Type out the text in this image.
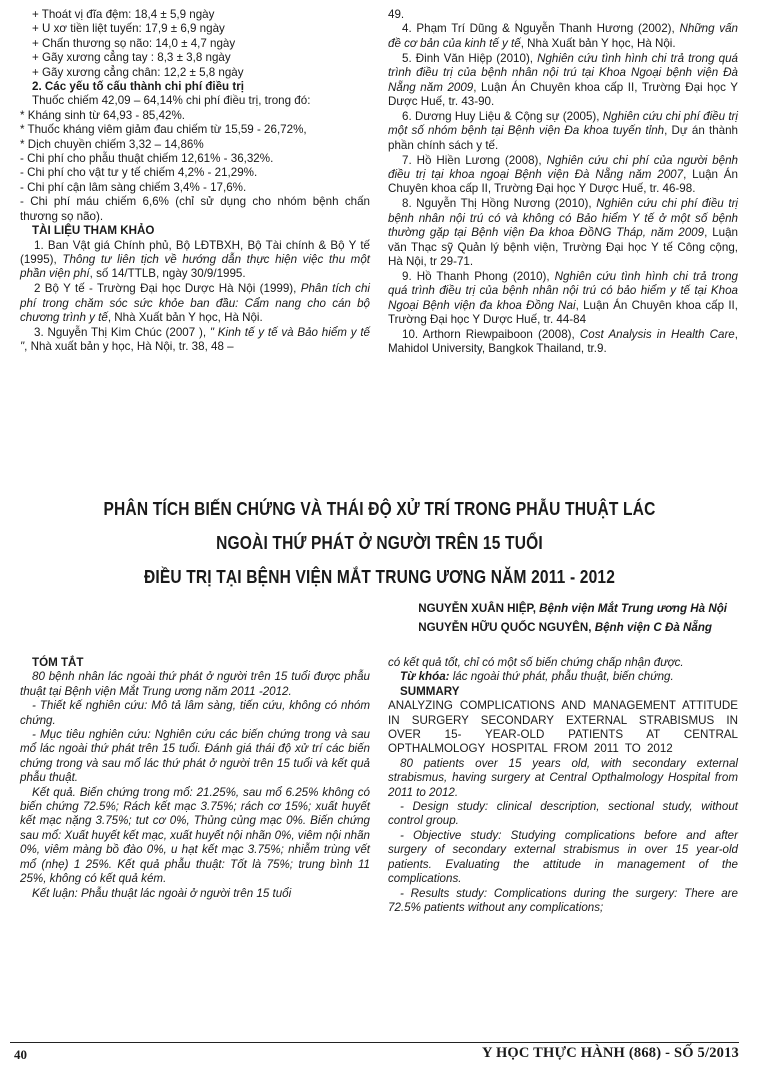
+ Thoát vị đĩa đệm: 18,4 ± 5,9 ngày

+ U xơ tiền liệt tuyến: 17,9 ± 6,9 ngày

+ Chấn thương sọ não: 14,0 ± 4,7 ngày

+ Gãy xương cẳng tay : 8,3 ± 3,8 ngày

+ Gãy xương cẳng chân: 12,2 ± 5,8 ngày

2. Các yếu tố cấu thành chi phí điều trị

Thuốc chiếm 42,09 – 64,14% chi phí điều trị, trong đó:

* Kháng sinh từ 64,93 - 85,42%.

* Thuốc kháng viêm giảm đau chiếm từ 15,59 - 26,72%,

* Dịch chuyền chiếm 3,32 – 14,86%

- Chi phí cho phẫu thuật chiếm 12,61% - 36,32%.

- Chi phí cho vật tư y tế chiếm 4,2% - 21,29%.

- Chi phí cận lâm sàng chiếm 3,4% - 17,6%.

- Chi phí máu chiếm 6,6% (chỉ sử dụng cho nhóm bệnh chấn thương sọ não).

TÀI LIỆU THAM KHẢO

1. Ban Vật giá Chính phủ, Bộ LĐTBXH, Bộ Tài chính & Bộ Y tế (1995), Thông tư liên tịch về hướng dẫn thực hiện việc thu một phần viện phí, số 14/TTLB, ngày 30/9/1995.

2 Bộ Y tế - Trường Đại học Dược Hà Nội (1999), Phân tích chi phí trong chăm sóc sức khỏe ban đầu: Cẩm nang cho cán bộ chương trình y tế, Nhà Xuất bản Y học, Hà Nội.

3. Nguyễn Thị Kim Chúc (2007 ), " Kinh tế y tế và Bảo hiểm y tế ", Nhà xuất bản y học, Hà Nội, tr. 38, 48 –

49.

4. Phạm Trí Dũng & Nguyễn Thanh Hương (2002), Những vấn đề cơ bản của kinh tế y tế, Nhà Xuất bản Y học, Hà Nội.

5. Đinh Văn Hiệp (2010), Nghiên cứu tình hình chi trả trong quá trình điều trị của bệnh nhân nội trú tại Khoa Ngoại bệnh viện Đà Nẵng năm 2009, Luận Án Chuyên khoa cấp II, Trường Đại học Y Dược Huế, tr. 43-90.

6. Dương Huy Liệu & Cộng sự (2005), Nghiên cứu chi phí điều trị một số nhóm bệnh tại Bệnh viện Đa khoa tuyến tỉnh, Dự án thành phần chính sách y tế.

7. Hồ Hiền Lương (2008), Nghiên cứu chi phí của người bệnh điều trị tại khoa ngoại Bệnh viện Đà Nẵng năm 2007, Luận Án Chuyên khoa cấp II, Trường Đại học Y Dược Huế, tr. 46-98.

8. Nguyễn Thị Hồng Nương (2010), Nghiên cứu chi phí điều trị bệnh nhân nội trú có và không có Bảo hiểm Y tế ở một số bệnh thường gặp tại Bệnh viện Đa khoa ĐồNG Tháp, năm 2009, Luận văn Thạc sỹ Quản lý bệnh viện, Trường Đại học Y tế Công cộng, Hà Nội, tr 29-71.

9. Hồ Thanh Phong (2010), Nghiên cứu tình hình chi trả trong quá trình điều trị của bệnh nhân nội trú có bảo hiểm y tế tại Khoa Ngoại Bệnh viện đa khoa Đồng Nai, Luận Án Chuyên khoa cấp II, Trường Đại học Y Dược Huế, tr. 44-84

10. Arthorn Riewpaiboon (2008), Cost Analysis in Health Care, Mahidol University, Bangkok Thailand, tr.9.

PHÂN TÍCH BIẾN CHỨNG VÀ THÁI ĐỘ XỬ TRÍ TRONG PHẪU THUẬT LÁC
NGOÀI THỨ PHÁT Ở NGƯỜI TRÊN 15 TUỔI
ĐIỀU TRỊ TẠI BỆNH VIỆN MẮT TRUNG ƯƠNG NĂM 2011 - 2012
NGUYỄN XUÂN HIỆP, Bệnh viện Mắt Trung ương Hà Nội
NGUYỄN HỮU QUỐC NGUYÊN, Bệnh viện C Đà Nẵng

TÓM TẮT

80 bệnh nhân lác ngoài thứ phát ở người trên 15 tuổi được phẫu thuật tại Bệnh viện Mắt Trung ương năm 2011 -2012.

- Thiết kế nghiên cứu: Mô tả lâm sàng, tiến cứu, không có nhóm chứng.

- Mục tiêu nghiên cứu: Nghiên cứu các biến chứng trong và sau mổ lác ngoài thứ phát trên 15 tuổi. Đánh giá thái độ xử trí các biến chứng trong và sau mổ lác thứ phát ở người trên 15 tuổi và kết quả phẫu thuật.

Kết quả. Biến chứng trong mổ: 21.25%, sau mổ 6.25% không có biến chứng 72.5%; Rách kết mạc 3.75%; rách cơ 15%; xuất huyết kết mạc nặng 3.75%; tut cơ 0%, Thủng củng mạc 0%. Biến chứng sau mổ: Xuất huyết kết mạc, xuất huyết nội nhãn 0%, viêm nội nhãn 0%, viêm màng bồ đào 0%, u hạt kết mạc 3.75%; nhiễm trùng vết mổ (nhẹ) 1 25%. Kết quả phẫu thuật: Tốt là 75%; trung bình 11 25%, không có kết quả kém.

Kết luận: Phẫu thuật lác ngoài ở người trên 15 tuổi

có kết quả tốt, chỉ có một số biến chứng chấp nhận được.

Từ khóa: lác ngoài thứ phát, phẫu thuật, biến chứng.

SUMMARY

ANALYZING COMPLICATIONS AND MANAGEMENT ATTITUDE IN SURGERY SECONDARY EXTERNAL STRABISMUS IN OVER 15- YEAR-OLD PATIENTS AT CENTRAL OPTHALMOLOGY HOSPITAL FROM 2011 TO 2012

80 patients over 15 years old, with secondary external strabismus, having surgery at Central Opthalmology Hospital from 2011 to 2012.

- Design study: clinical description, sectional study, without control group.

- Objective study: Studying complications before and after surgery of secondary external strabismus in over 15 year-old patients. Evaluating the attitude in management of the complications.

- Results study: Complications during the surgery: There are 72.5% patients without any complications;

40	Y HỌC THỰC HÀNH (868) - SỐ 5/2013
